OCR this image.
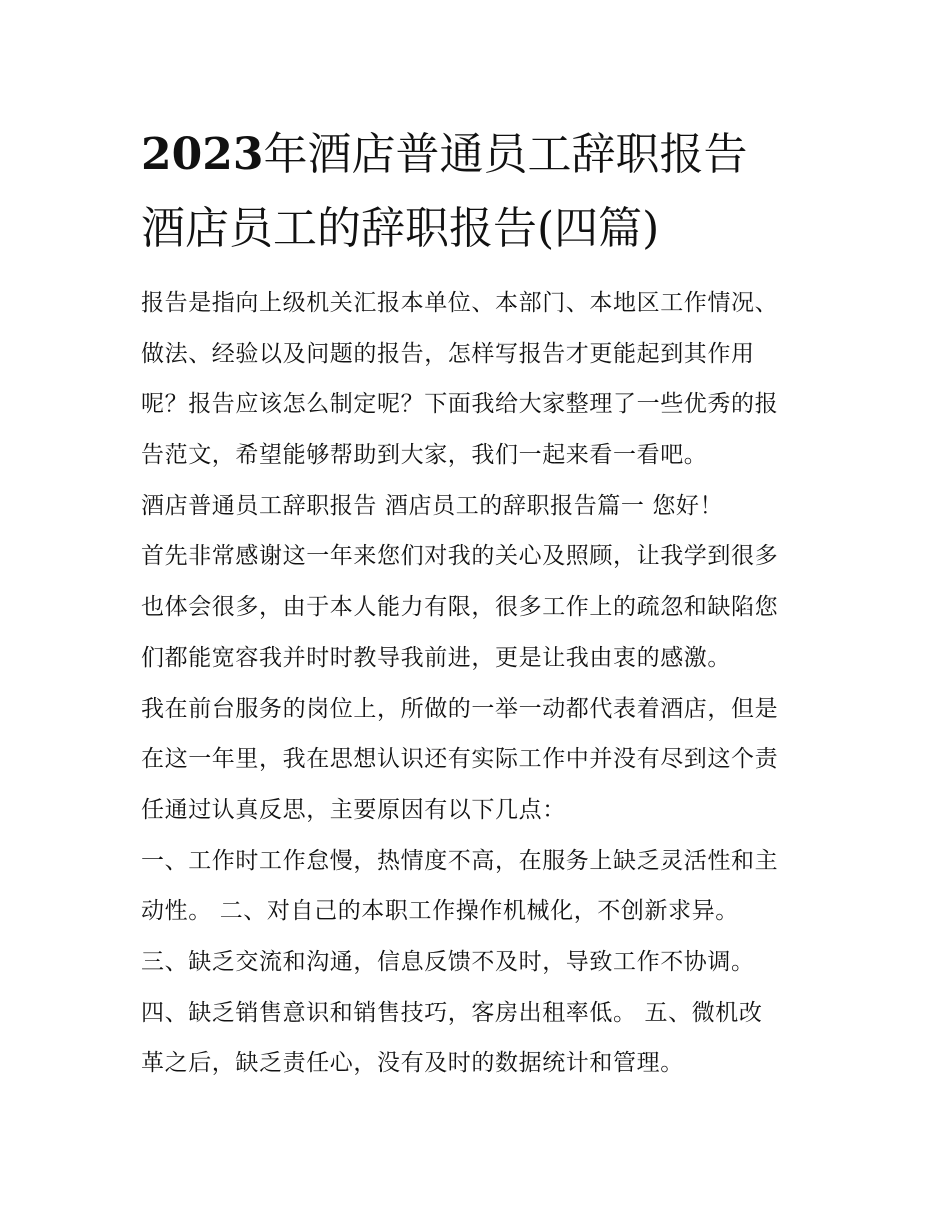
2023年酒店普通员工辞职报告
酒店员工的辞职报告(四篇)
报告是指向上级机关汇报本单位、本部门、本地区工作情况、
做法、经验以及问题的报告，怎样写报告才更能起到其作用
呢？报告应该怎么制定呢？下面我给大家整理了一些优秀的报
告范文，希望能够帮助到大家，我们一起来看一看吧。
酒店普通员工辞职报告 酒店员工的辞职报告篇一 您好！
首先非常感谢这一年来您们对我的关心及照顾，让我学到很多
也体会很多，由于本人能力有限，很多工作上的疏忽和缺陷您
们都能宽容我并时时教导我前进，更是让我由衷的感激。
我在前台服务的岗位上，所做的一举一动都代表着酒店，但是
在这一年里，我在思想认识还有实际工作中并没有尽到这个责
任通过认真反思，主要原因有以下几点：
一、工作时工作怠慢，热情度不高，在服务上缺乏灵活性和主
动性。 二、对自己的本职工作操作机械化，不创新求异。
三、缺乏交流和沟通，信息反馈不及时，导致工作不协调。
四、缺乏销售意识和销售技巧，客房出租率低。 五、微机改
革之后，缺乏责任心，没有及时的数据统计和管理。
